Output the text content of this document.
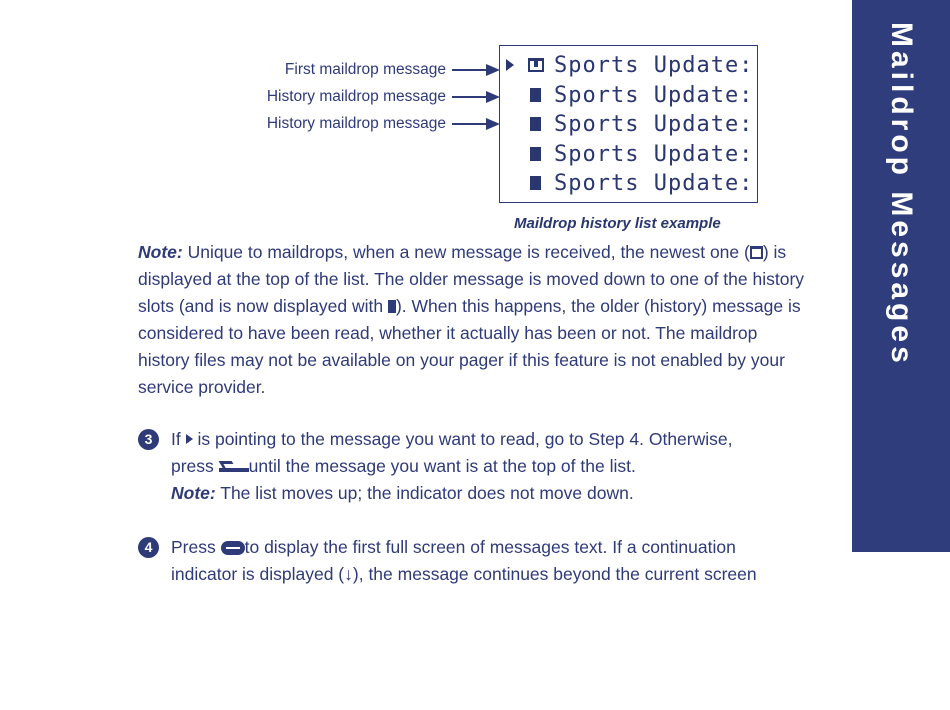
Maildrop Messages
First maildrop message
History maildrop message
History maildrop message
Sports Update:
Sports Update:
Sports Update:
Sports Update:
Sports Update:
Maildrop history list example
Note: Unique to maildrops, when a new message is received, the newest one ( ) is displayed at the top of the list. The older message is moved down to one of the history slots (and is now displayed with ). When this happens, the older (history) message is considered to have been read, whether it actually has been or not. The maildrop history files may not be available on your pager if this feature is not enabled by your service provider.
3	If  is pointing to the message you want to read, go to Step 4. Otherwise, press until the message you want is at the top of the list.
Note: The list moves up; the indicator does not move down.
4	Press to display the first full screen of messages text. If a continuation indicator is displayed (↓), the message continues beyond the current screen
